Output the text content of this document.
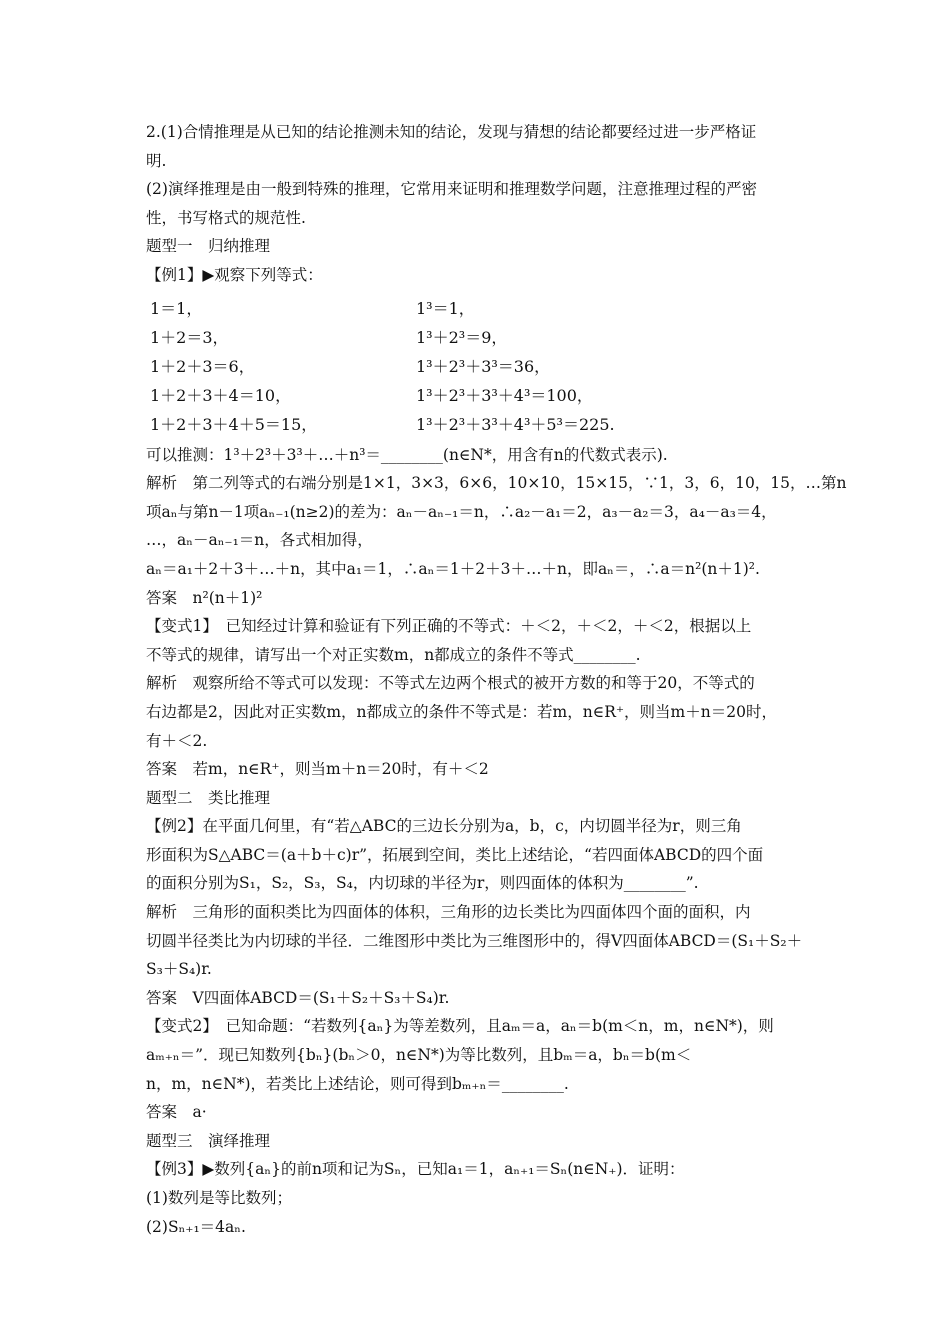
2.(1)合情推理是从已知的结论推测未知的结论，发现与猜想的结论都要经过进一步严格证
明.
(2)演绎推理是由一般到特殊的推理，它常用来证明和推理数学问题，注意推理过程的严密
性，书写格式的规范性.
题型一　归纳推理
【例1】▶观察下列等式：
1＝1，	1³＝1，
1＋2＝3，	1³＋2³＝9，
1＋2＋3＝6，	1³＋2³＋3³＝36，
1＋2＋3＋4＝10，	1³＋2³＋3³＋4³＝100，
1＋2＋3＋4＋5＝15，	1³＋2³＋3³＋4³＋5³＝225.
可以推测：1³＋2³＋3³＋…＋n³＝________(n∈N*，用含有n的代数式表示).
解析　第二列等式的右端分别是1×1，3×3，6×6，10×10，15×15，∵1，3，6，10，15，…第n
项aₙ与第n－1项aₙ₋₁(n≥2)的差为：aₙ－aₙ₋₁＝n，∴a₂－a₁＝2，a₃－a₂＝3，a₄－a₃＝4，
…，aₙ－aₙ₋₁＝n，各式相加得，
aₙ＝a₁＋2＋3＋…＋n，其中a₁＝1，∴aₙ＝1＋2＋3＋…＋n，即aₙ＝，∴a＝n²(n＋1)².
答案　n²(n＋1)²
【变式1】　已知经过计算和验证有下列正确的不等式：＋＜2，＋＜2，＋＜2，根据以上
不等式的规律，请写出一个对正实数m，n都成立的条件不等式________.
解析　观察所给不等式可以发现：不等式左边两个根式的被开方数的和等于20，不等式的
右边都是2，因此对正实数m，n都成立的条件不等式是：若m，n∈R⁺，则当m＋n＝20时，
有＋＜2.
答案　若m，n∈R⁺，则当m＋n＝20时，有＋＜2
题型二　类比推理
【例2】在平面几何里，有“若△ABC的三边长分别为a，b，c，内切圆半径为r，则三角
形面积为S△ABC＝(a＋b＋c)r”，拓展到空间，类比上述结论，“若四面体ABCD的四个面
的面积分别为S₁，S₂，S₃，S₄，内切球的半径为r，则四面体的体积为________”.
解析　三角形的面积类比为四面体的体积，三角形的边长类比为四面体四个面的面积，内
切圆半径类比为内切球的半径．二维图形中类比为三维图形中的，得V四面体ABCD＝(S₁＋S₂＋
S₃＋S₄)r.
答案　V四面体ABCD＝(S₁＋S₂＋S₃＋S₄)r.
【变式2】　已知命题：“若数列{aₙ}为等差数列，且aₘ＝a，aₙ＝b(m＜n，m，n∈N*)，则
aₘ₊ₙ＝”．现已知数列{bₙ}(bₙ＞0，n∈N*)为等比数列，且bₘ＝a，bₙ＝b(m＜
n，m，n∈N*)，若类比上述结论，则可得到bₘ₊ₙ＝________.
答案　a·
题型三　演绎推理
【例3】▶数列{aₙ}的前n项和记为Sₙ，已知a₁＝1，aₙ₊₁＝Sₙ(n∈N₊)．证明：
(1)数列是等比数列；
(2)Sₙ₊₁＝4aₙ.
